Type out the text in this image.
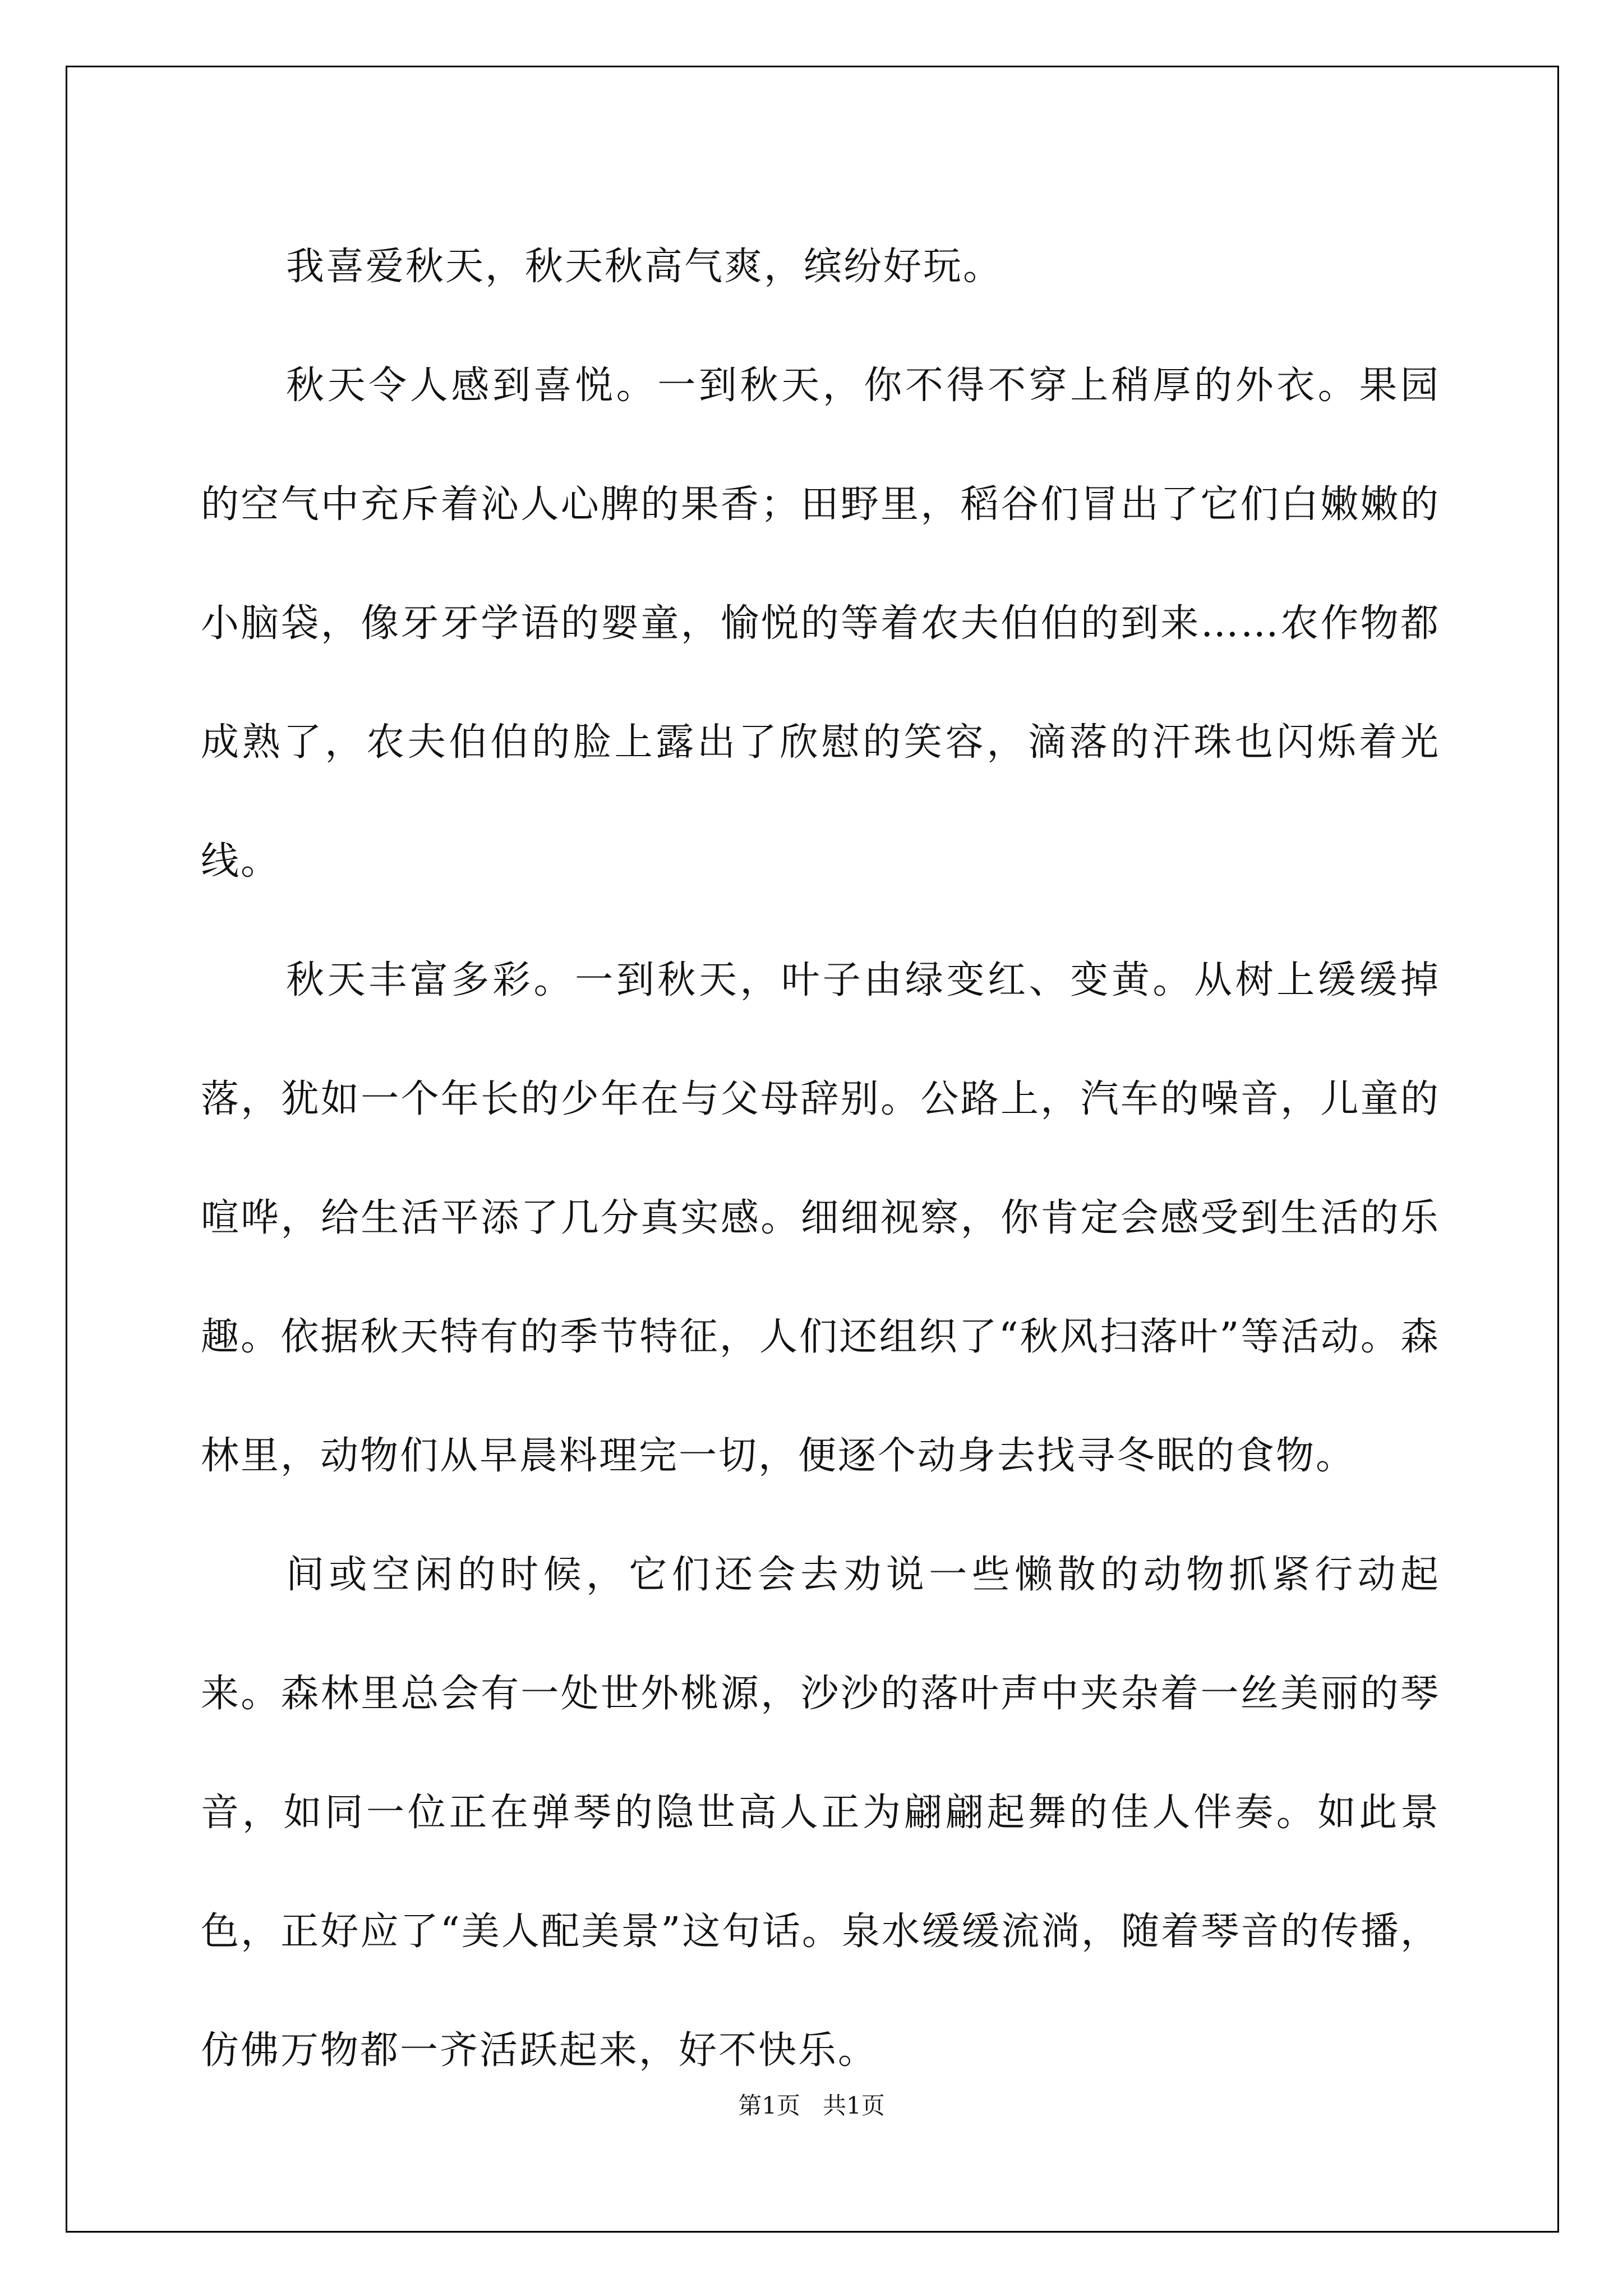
我喜爱秋天，秋天秋高气爽，缤纷好玩。

秋天令人感到喜悦。一到秋天，你不得不穿上稍厚的外衣。果园的空气中充斥着沁人心脾的果香；田野里，稻谷们冒出了它们白嫩嫩的小脑袋，像牙牙学语的婴童，愉悦的等着农夫伯伯的到来……农作物都成熟了，农夫伯伯的脸上露出了欣慰的笑容，滴落的汗珠也闪烁着光线。

秋天丰富多彩。一到秋天，叶子由绿变红、变黄。从树上缓缓掉落，犹如一个年长的少年在与父母辞别。公路上，汽车的噪音，儿童的喧哗，给生活平添了几分真实感。细细视察，你肯定会感受到生活的乐趣。依据秋天特有的季节特征，人们还组织了“秋风扫落叶”等活动。森林里，动物们从早晨料理完一切，便逐个动身去找寻冬眠的食物。

间或空闲的时候，它们还会去劝说一些懒散的动物抓紧行动起来。森林里总会有一处世外桃源，沙沙的落叶声中夹杂着一丝美丽的琴音，如同一位正在弹琴的隐世高人正为翩翩起舞的佳人伴奏。如此景色，正好应了“美人配美景”这句话。泉水缓缓流淌，随着琴音的传播，仿佛万物都一齐活跃起来，好不快乐。

第1页 共1页
